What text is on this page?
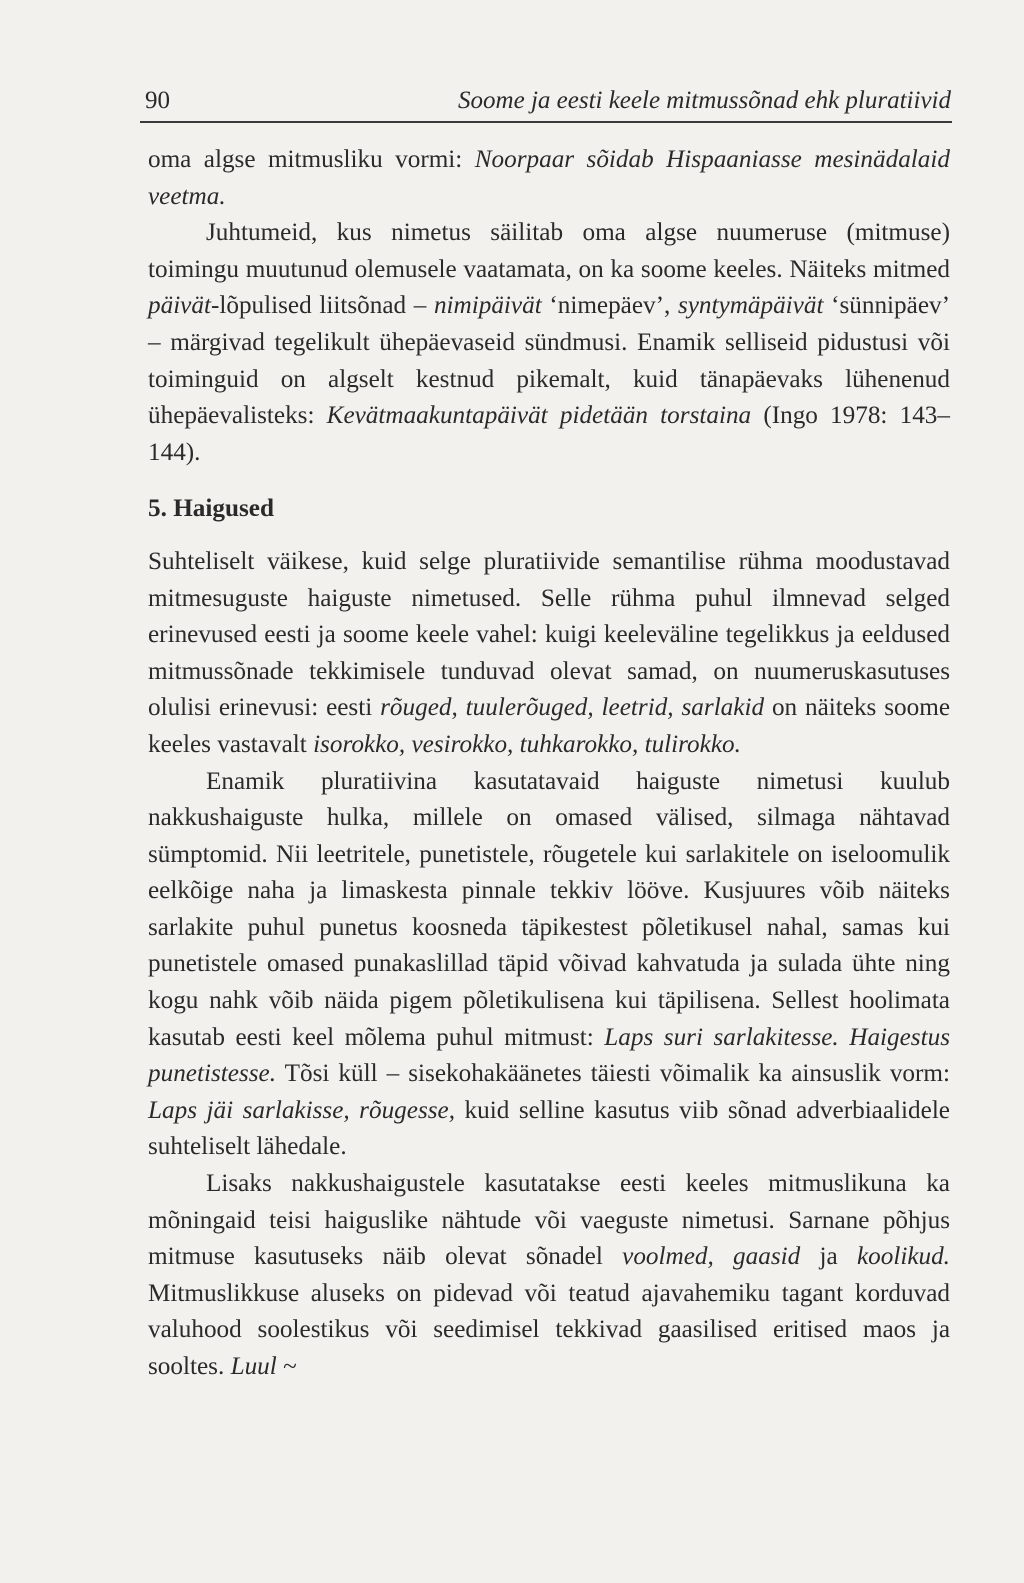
90	Soome ja eesti keele mitmussõnad ehk pluratiivid

oma algse mitmusliku vormi: Noorpaar sõidab Hispaaniasse mesinädalaid veetma.

Juhtumeid, kus nimetus säilitab oma algse nuumeruse (mitmuse) toimingu muutunud olemusele vaatamata, on ka soome keeles. Näiteks mitmed päivät-lõpulised liitsõnad – nimipäivät ‘nimepäev’, syntymäpäivät ‘sünnipäev’ – märgivad tegelikult ühepäevaseid sündmusi. Enamik selliseid pidustusi või toiminguid on algselt kestnud pikemalt, kuid tänapäevaks lühenenud ühepäevalisteks: Kevätmaakuntapäivät pidetään torstaina (Ingo 1978: 143–144).

5. Haigused

Suhteliselt väikese, kuid selge pluratiivide semantilise rühma moodustavad mitmesuguste haiguste nimetused. Selle rühma puhul ilmnevad selged erinevused eesti ja soome keele vahel: kuigi keeleväline tegelikkus ja eeldused mitmussõnade tekkimisele tunduvad olevat samad, on nuumeruskasutuses olulisi erinevusi: eesti rõuged, tuulerõuged, leetrid, sarlakid on näiteks soome keeles vastavalt isorokko, vesirokko, tuhkarokko, tulirokko.

Enamik pluratiivina kasutatavaid haiguste nimetusi kuulub nakkushaiguste hulka, millele on omased välised, silmaga nähtavad sümptomid. Nii leetritele, punetistele, rõugetele kui sarlakitele on iseloomulik eelkõige naha ja limaskesta pinnale tekkiv lööve. Kusjuures võib näiteks sarlakite puhul punetus koosneda täpikestest põletikusel nahal, samas kui punetistele omased punakaslillad täpid võivad kahvatuda ja sulada ühte ning kogu nahk võib näida pigem põletikulisena kui täpilisena. Sellest hoolimata kasutab eesti keel mõlema puhul mitmust: Laps suri sarlakitesse. Haigestus punetistesse. Tõsi küll – sisekohakäänetes täiesti võimalik ka ainsuslik vorm: Laps jäi sarlakisse, rõugesse, kuid selline kasutus viib sõnad adverbiaalidele suhteliselt lähedale.

Lisaks nakkushaigustele kasutatakse eesti keeles mitmuslikuna ka mõningaid teisi haiguslike nähtude või vaeguste nimetusi. Sarnane põhjus mitmuse kasutuseks näib olevat sõnadel voolmed, gaasid ja koolikud. Mitmuslikkuse aluseks on pidevad või teatud ajavahemiku tagant korduvad valuhood soolestikus või seedimisel tekkivad gaasilised eritised maos ja sooltes. Luul ~
